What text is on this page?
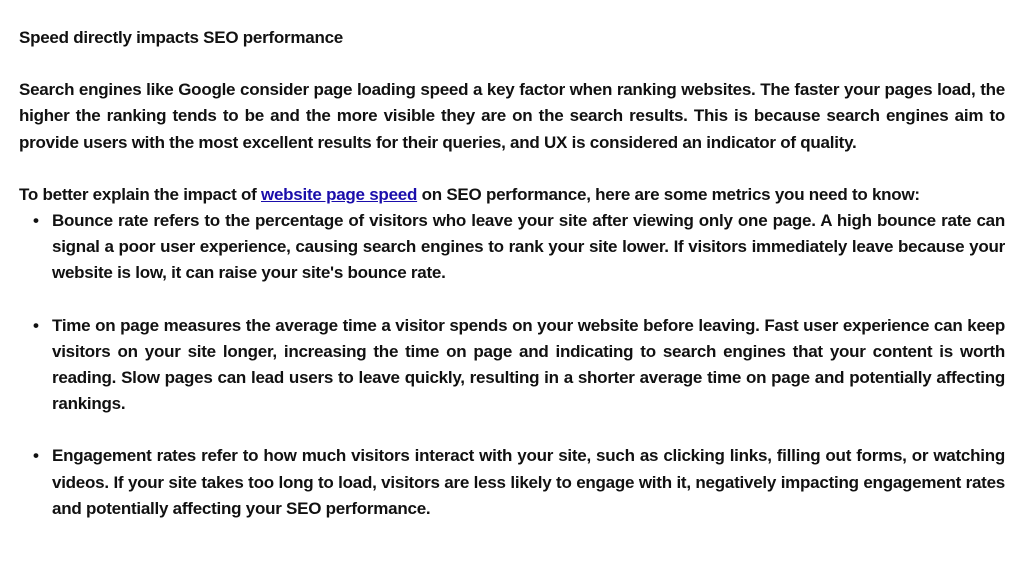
Speed directly impacts SEO performance
Search engines like Google consider page loading speed a key factor when ranking websites. The faster your pages load, the higher the ranking tends to be and the more visible they are on the search results. This is because search engines aim to provide users with the most excellent results for their queries, and UX is considered an indicator of quality.
To better explain the impact of website page speed on SEO performance, here are some metrics you need to know:
• Bounce rate refers to the percentage of visitors who leave your site after viewing only one page. A high bounce rate can signal a poor user experience, causing search engines to rank your site lower. If visitors immediately leave because your website is low, it can raise your site's bounce rate.
• Time on page measures the average time a visitor spends on your website before leaving. Fast user experience can keep visitors on your site longer, increasing the time on page and indicating to search engines that your content is worth reading. Slow pages can lead users to leave quickly, resulting in a shorter average time on page and potentially affecting rankings.
• Engagement rates refer to how much visitors interact with your site, such as clicking links, filling out forms, or watching videos. If your site takes too long to load, visitors are less likely to engage with it, negatively impacting engagement rates and potentially affecting your SEO performance.
